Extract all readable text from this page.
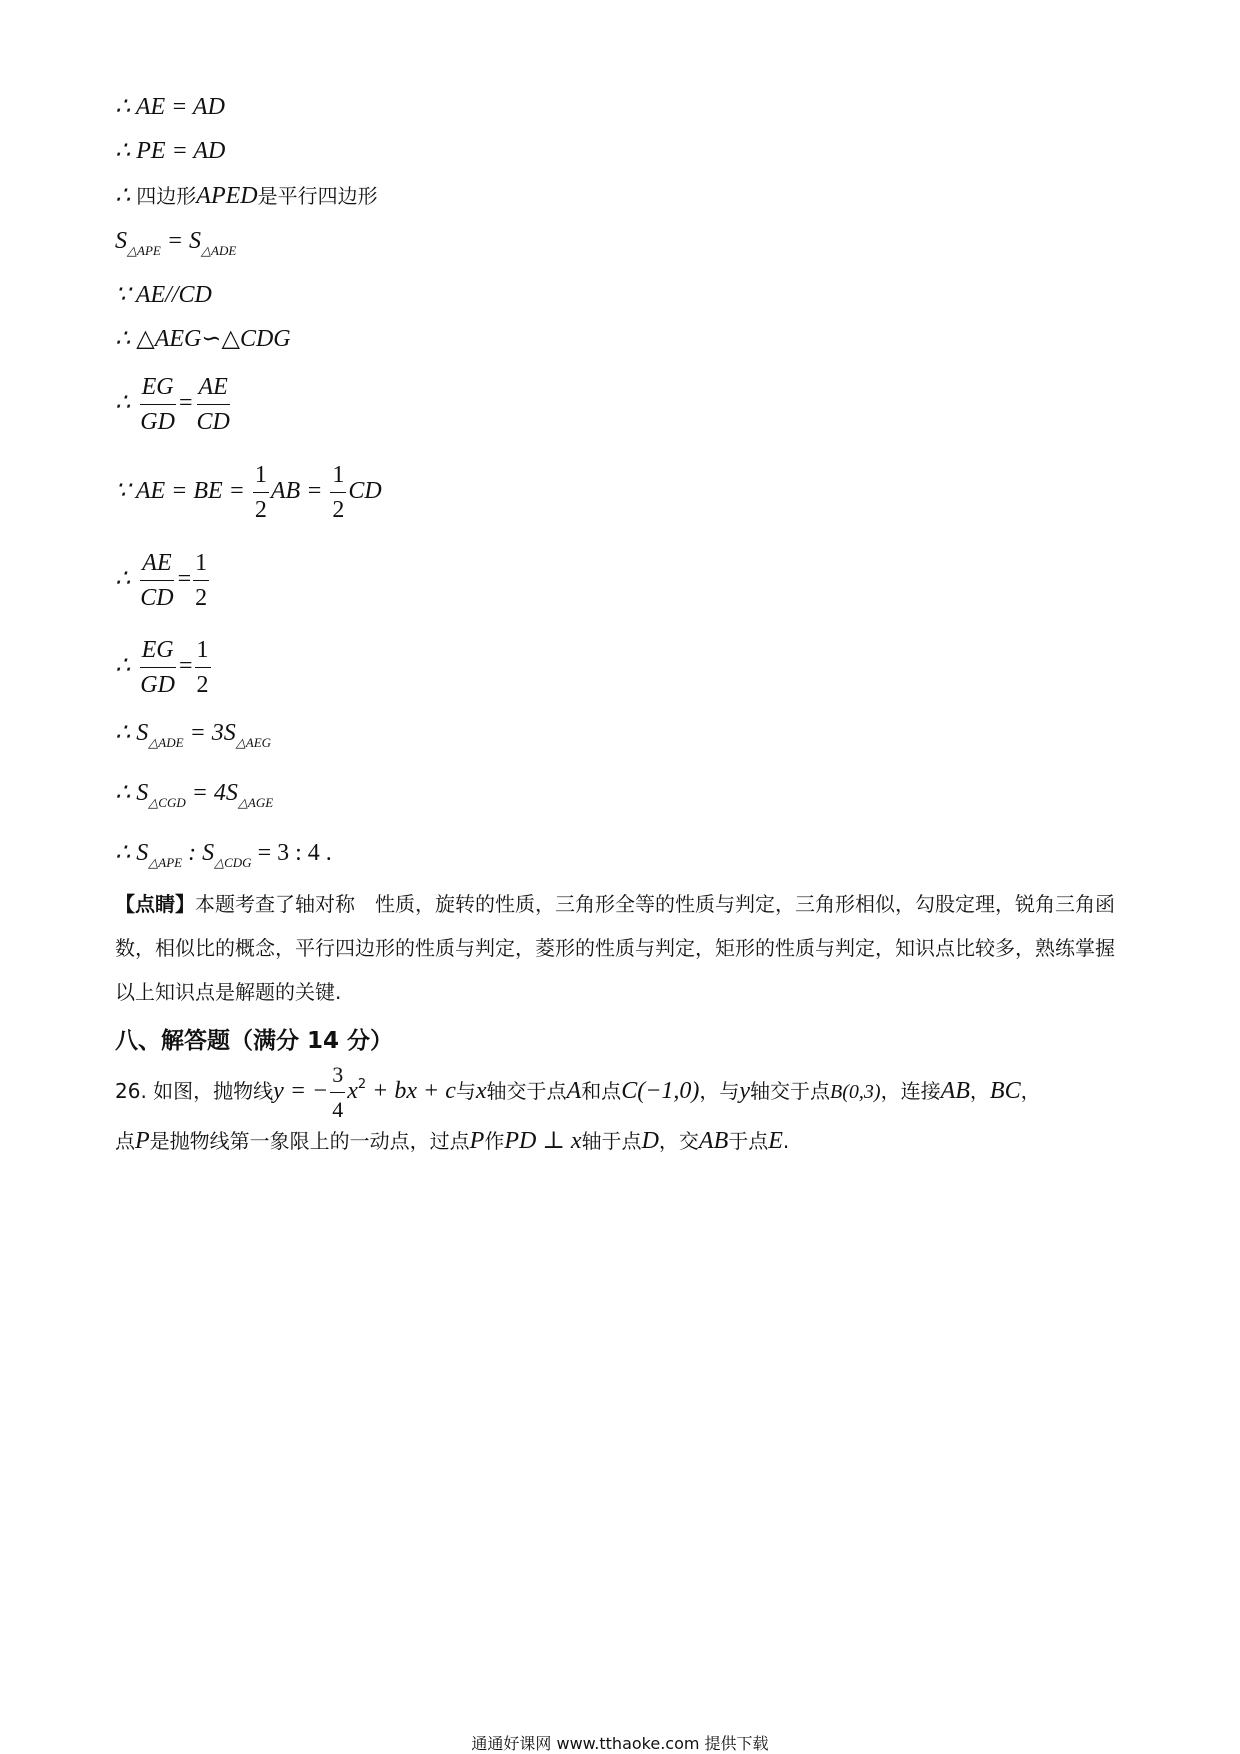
∴ AE = AD
∴ PE = AD
∴ 四边形APED是平行四边形
$S_{\triangle APE} = S_{\triangle ADE}$
∵ AE//CD
∴ △AEG∽△CDG
∴ $\frac{EG}{GD} = \frac{AE}{CD}$
∵ AE = BE = $\frac{1}{2}$ AB = $\frac{1}{2}$ CD
∴ $\frac{AE}{CD} = \frac{1}{2}$
∴ $\frac{EG}{GD} = \frac{1}{2}$
∴ $S_{\triangle ADE} = 3S_{\triangle AEG}$
∴ $S_{\triangle CGD} = 4S_{\triangle AGE}$
∴ $S_{\triangle APE}$ : $S_{\triangle CDG} = 3$ : 4 .
【点睛】本题考查了轴对称　性质，旋转的性质，三角形全等的性质与判定，三角形相似，勾股定理，锐角三角函数，相似比的概念，平行四边形的性质与判定，菱形的性质与判定，矩形的性质与判定，知识点比较多，熟练掌握以上知识点是解题的关键.
八、解答题（满分 14 分）
26. 如图，抛物线y = − $\frac{3}{4} x^2$ + bx + c与x轴交于点A和点C(−1,0)，与y轴交于点B(0,3)，连接AB，BC，
点P是抛物线第一象限上的一动点，过点P作PD ⊥ x轴于点D，交AB于点E.
通通好课网 www.tthaoke.com 提供下载
